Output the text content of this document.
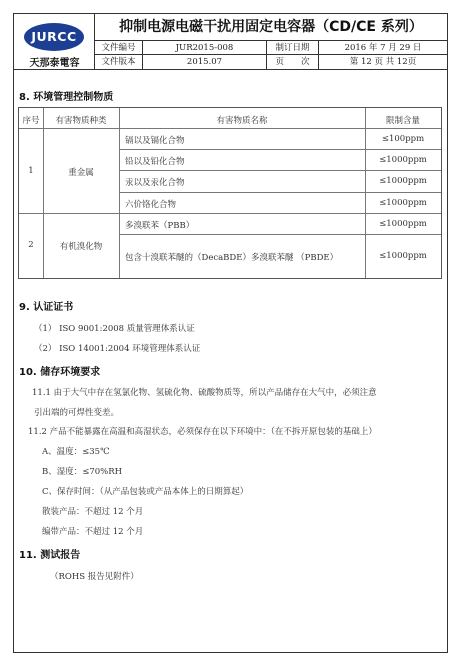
JURCC
天那泰電容
抑制电源电磁干扰用固定电容器（CD/CE 系列）
文件编号	JUR2015-008	制订日期	2016 年 7 月 29 日
文件版本	2015.07	页　　次	第 12 页 共 12页
8. 环境管理控制物质
序号	有害物质种类	有害物质名称	限制含量
1	重金属
镉以及镉化合物	≤100ppm
铅以及铅化合物	≤1000ppm
汞以及汞化合物	≤1000ppm
六价铬化合物	≤1000ppm
2	有机溴化物
多溴联苯（PBB）	≤1000ppm
包含十溴联苯醚的（DecaBDE）多溴联苯醚 （PBDE）	≤1000ppm
9. 认证证书
（1） ISO 9001:2008 质量管理体系认证
（2） ISO 14001:2004 环境管理体系认证
10. 储存环境要求
11.1 由于大气中存在氢氯化物、氢硫化物、硫酸物质等，所以产品储存在大气中，必须注意
引出端的可焊性变差。
11.2 产品不能暴露在高温和高湿状态，必须保存在以下环境中：（在不拆开原包装的基础上）
A、温度：≤35℃
B、湿度：≤70%RH
C、保存时间：（从产品包装或产品本体上的日期算起）
散装产品：不超过 12 个月
编带产品：不超过 12 个月
11. 测试报告
（ROHS 报告见附件）
